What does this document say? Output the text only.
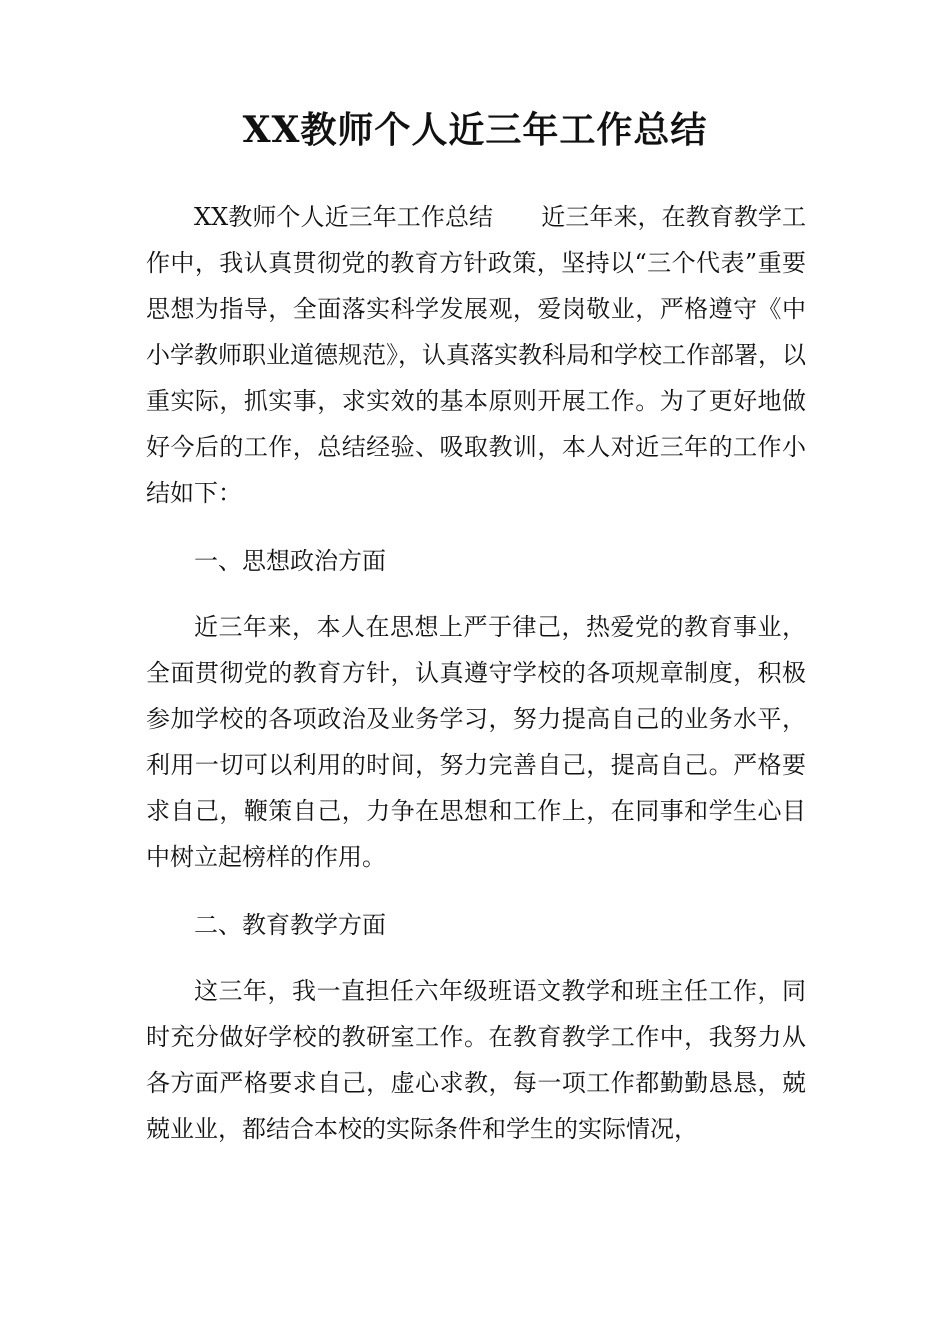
XX教师个人近三年工作总结

XX教师个人近三年工作总结 近三年来，在教育教学工作中，我认真贯彻党的教育方针政策，坚持以“三个代表”重要思想为指导，全面落实科学发展观，爱岗敬业，严格遵守《中小学教师职业道德规范》，认真落实教科局和学校工作部署，以重实际，抓实事，求实效的基本原则开展工作。为了更好地做好今后的工作，总结经验、吸取教训，本人对近三年的工作小结如下：

一、思想政治方面

近三年来，本人在思想上严于律己，热爱党的教育事业，全面贯彻党的教育方针，认真遵守学校的各项规章制度，积极参加学校的各项政治及业务学习，努力提高自己的业务水平，利用一切可以利用的时间，努力完善自己，提高自己。严格要求自己，鞭策自己，力争在思想和工作上，在同事和学生心目中树立起榜样的作用。

二、教育教学方面

这三年，我一直担任六年级班语文教学和班主任工作，同时充分做好学校的教研室工作。在教育教学工作中，我努力从各方面严格要求自己，虚心求教，每一项工作都勤勤恳恳，兢兢业业，都结合本校的实际条件和学生的实际情况，
